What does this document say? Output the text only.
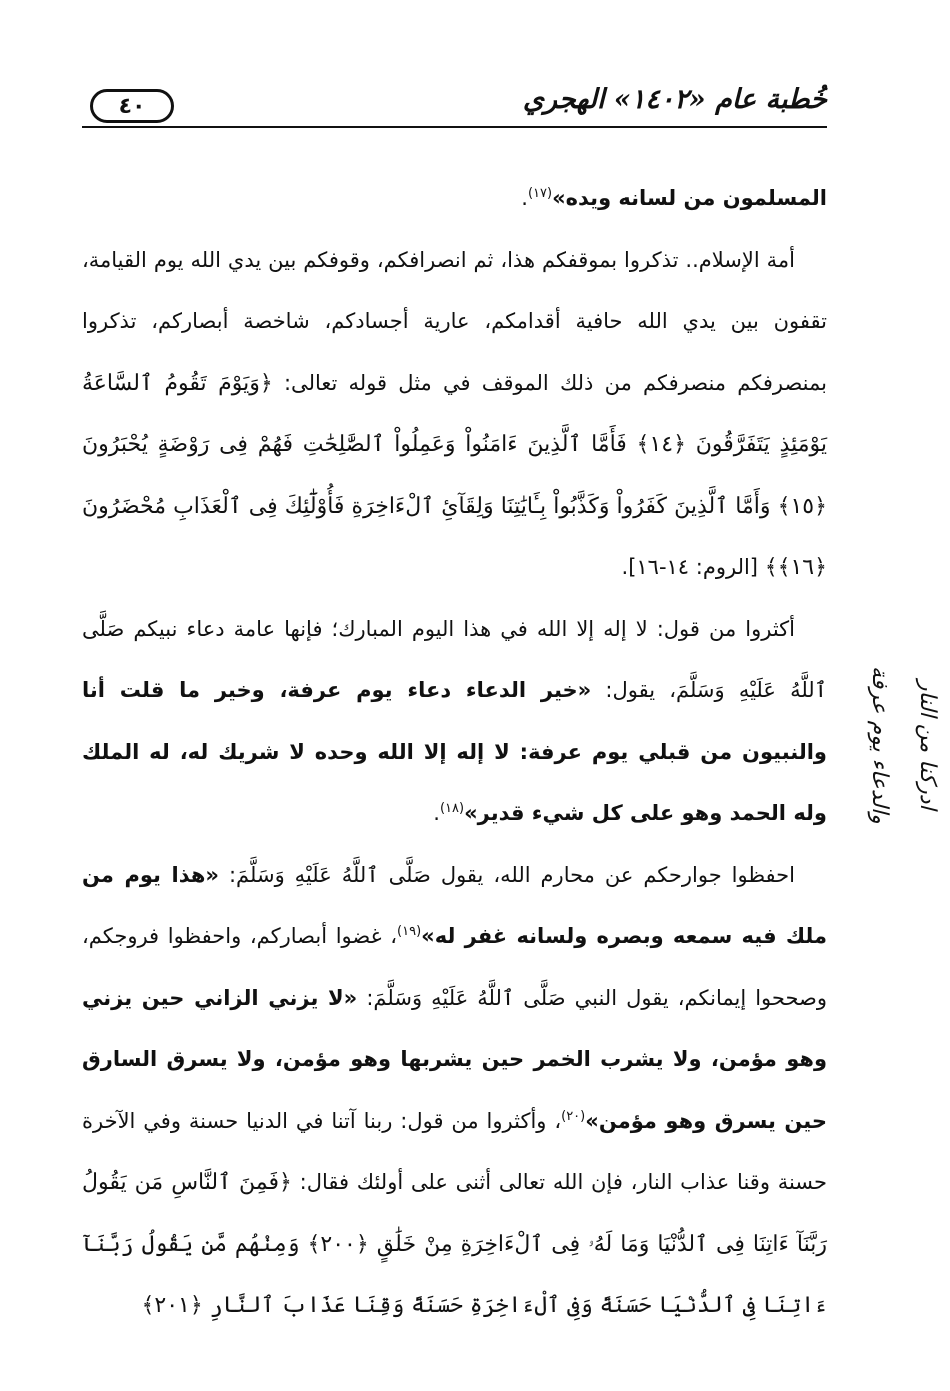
٤٠	خُطبة عام «١٤٠٢» الهجري
ادركنا من النار
والدعاء يوم عرفة

المسلمون من لسانه ويده»$^{(١٧)}$.

أمة الإسلام.. تذكروا بموقفكم هذا، ثم انصرافكم، وقوفكم بين يدي الله يوم القيامة، تقفون بين يدي الله حافية أقدامكم، عارية أجسادكم، شاخصة أبصاركم، تذكروا بمنصرفكم منصرفكم من ذلك الموقف في مثل قوله تعالى: ﴿وَيَوْمَ تَقُومُ ٱلسَّاعَةُ يَوْمَئِذٍ يَتَفَرَّقُونَ ﴿١٤﴾ فَأَمَّا ٱلَّذِينَ ءَامَنُواْ وَعَمِلُواْ ٱلصَّٰلِحَٰتِ فَهُمْ فِى رَوْضَةٍ يُحْبَرُونَ ﴿١٥﴾ وَأَمَّا ٱلَّذِينَ كَفَرُواْ وَكَذَّبُواْ بِـَٔايَٰتِنَا وَلِقَآئِ ٱلْءَاخِرَةِ فَأُوْلَٰٓئِكَ فِى ٱلْعَذَابِ مُحْضَرُونَ ﴿١٦﴾﴾ [الروم: ١٤-١٦].

أكثروا من قول: لا إله إلا الله في هذا اليوم المبارك؛ فإنها عامة دعاء نبيكم صَلَّى ٱللَّهُ عَلَيْهِ وَسَلَّمَ، يقول: «خير الدعاء دعاء يوم عرفة، وخير ما قلت أنا والنبيون من قبلي يوم عرفة: لا إله إلا الله وحده لا شريك له، له الملك وله الحمد وهو على كل شيء قدير»$^{(١٨)}$.

احفظوا جوارحكم عن محارم الله، يقول صَلَّى ٱللَّهُ عَلَيْهِ وَسَلَّمَ: «هذا يوم من ملك فيه سمعه وبصره ولسانه غفر له»$^{(١٩)}$، غضوا أبصاركم، واحفظوا فروجكم، وصححوا إيمانكم، يقول النبي صَلَّى ٱللَّهُ عَلَيْهِ وَسَلَّمَ: «لا يزني الزاني حين يزني وهو مؤمن، ولا يشرب الخمر حين يشربها وهو مؤمن، ولا يسرق السارق حين يسرق وهو مؤمن»$^{(٢٠)}$، وأكثروا من قول: ربنا آتنا في الدنيا حسنة وفي الآخرة حسنة وقنا عذاب النار، فإن الله تعالى أثنى على أولئك فقال: ﴿فَمِنَ ٱلنَّاسِ مَن يَقُولُ رَبَّنَآ ءَاتِنَا فِى ٱلدُّنْيَا وَمَا لَهُۥ فِى ٱلْءَاخِرَةِ مِنْ خَلَٰقٍ ﴿٢٠٠﴾ وَمِنْهُم مَّن يَقُولُ رَبَّنَآ ءَاتِنَا فِى ٱلدُّنْيَا حَسَنَةً وَفِى ٱلْءَاخِرَةِ حَسَنَةً وَقِنَا عَذَابَ ٱلنَّارِ ﴿٢٠١﴾
